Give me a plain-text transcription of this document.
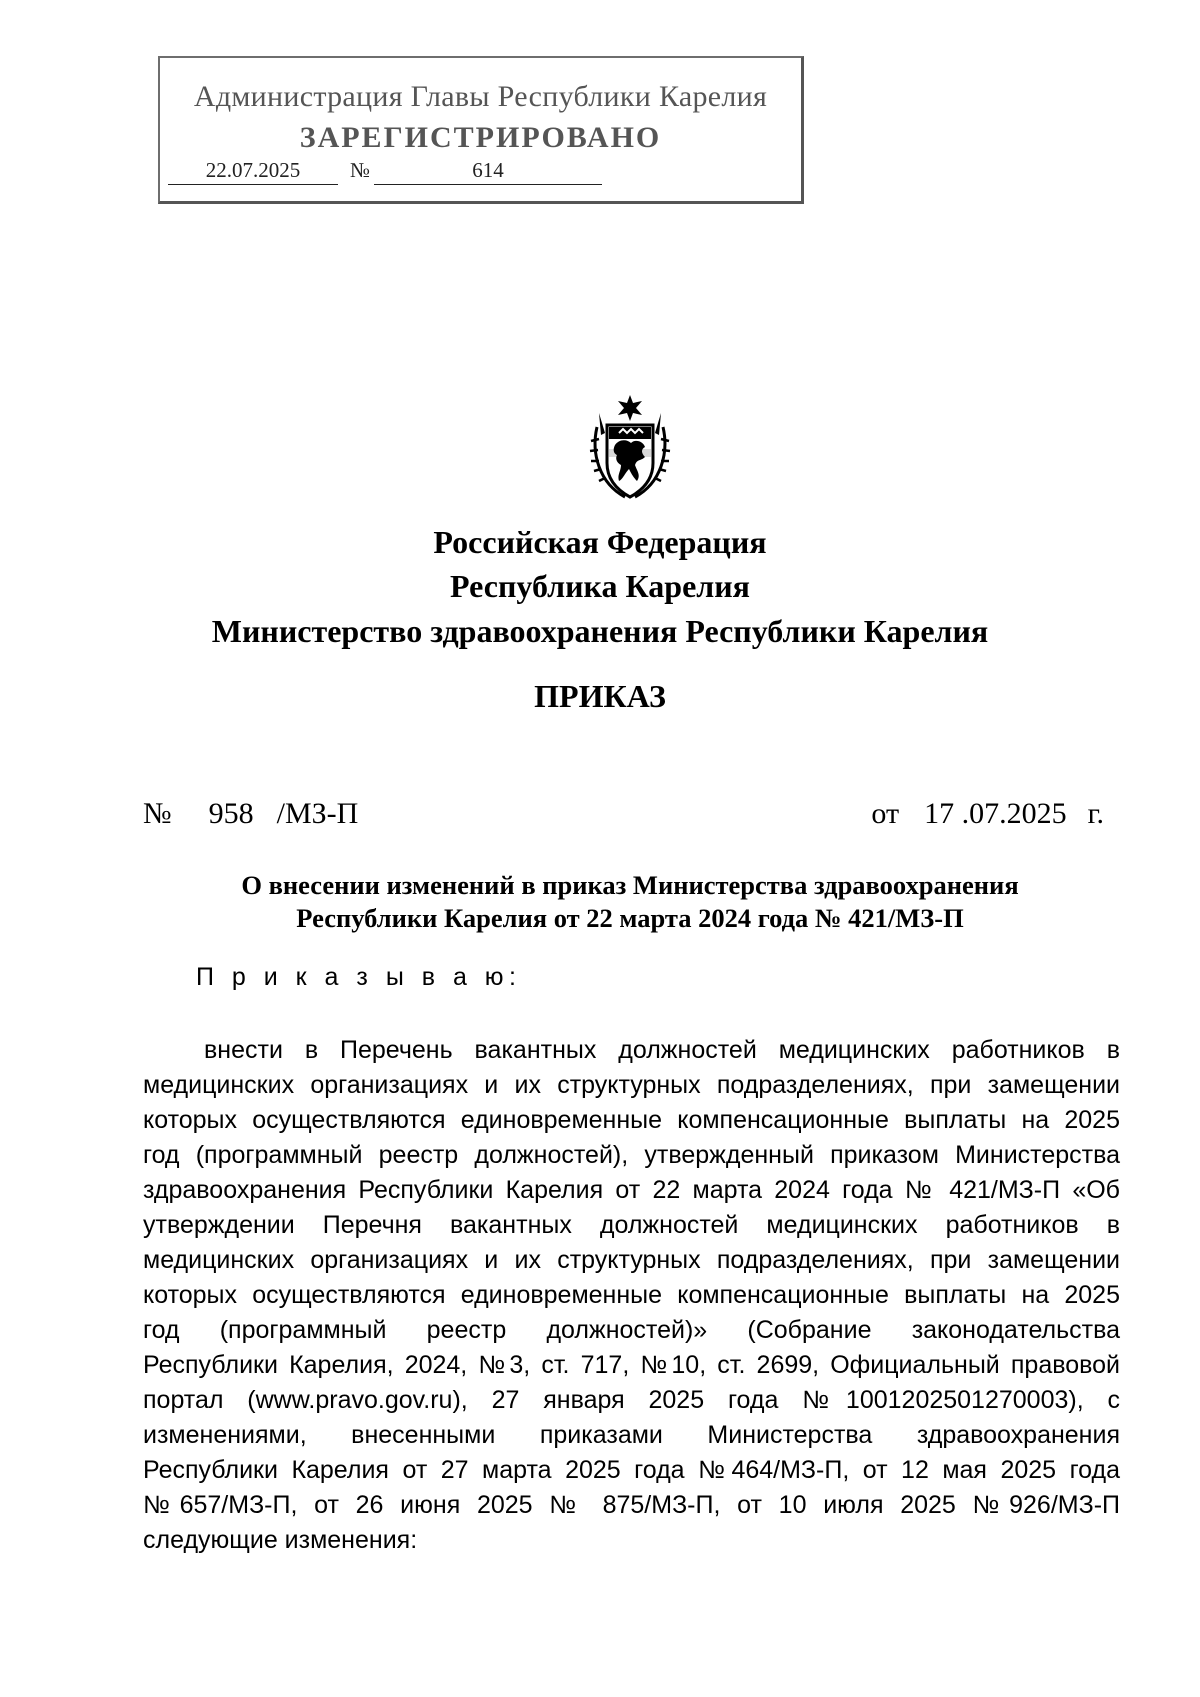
Администрация Главы Республики Карелия
ЗАРЕГИСТРИРОВАНО
22.07.2025	№	614
Российская Федерация
Республика Карелия
Министерство здравоохранения Республики Карелия
ПРИКАЗ
№ 958 /МЗ-П	от 17 .07.2025 г.
О внесении изменений в приказ Министерства здравоохранения
Республики Карелия от 22 марта 2024 года № 421/МЗ-П
П р и к а з ы в а ю:
внести в Перечень вакантных должностей медицинских работников в
медицинских организациях и их структурных подразделениях, при замещении
которых осуществляются единовременные компенсационные выплаты на 2025
год (программный реестр должностей), утвержденный приказом Министерства
здравоохранения Республики Карелия от 22 марта 2024 года № 421/МЗ-П «Об
утверждении Перечня вакантных должностей медицинских работников в
медицинских организациях и их структурных подразделениях, при замещении
которых осуществляются единовременные компенсационные выплаты на 2025
год (программный реестр должностей)» (Собрание законодательства
Республики Карелия, 2024, №3, ст. 717, №10, ст. 2699, Официальный правовой
портал (www.pravo.gov.ru), 27 января 2025 года №1001202501270003), с
изменениями, внесенными приказами Министерства здравоохранения
Республики Карелия от 27 марта 2025 года №464/МЗ-П, от 12 мая 2025 года
№657/МЗ-П, от 26 июня 2025 № 875/МЗ-П, от 10 июля 2025 №926/МЗ-П
следующие изменения:
